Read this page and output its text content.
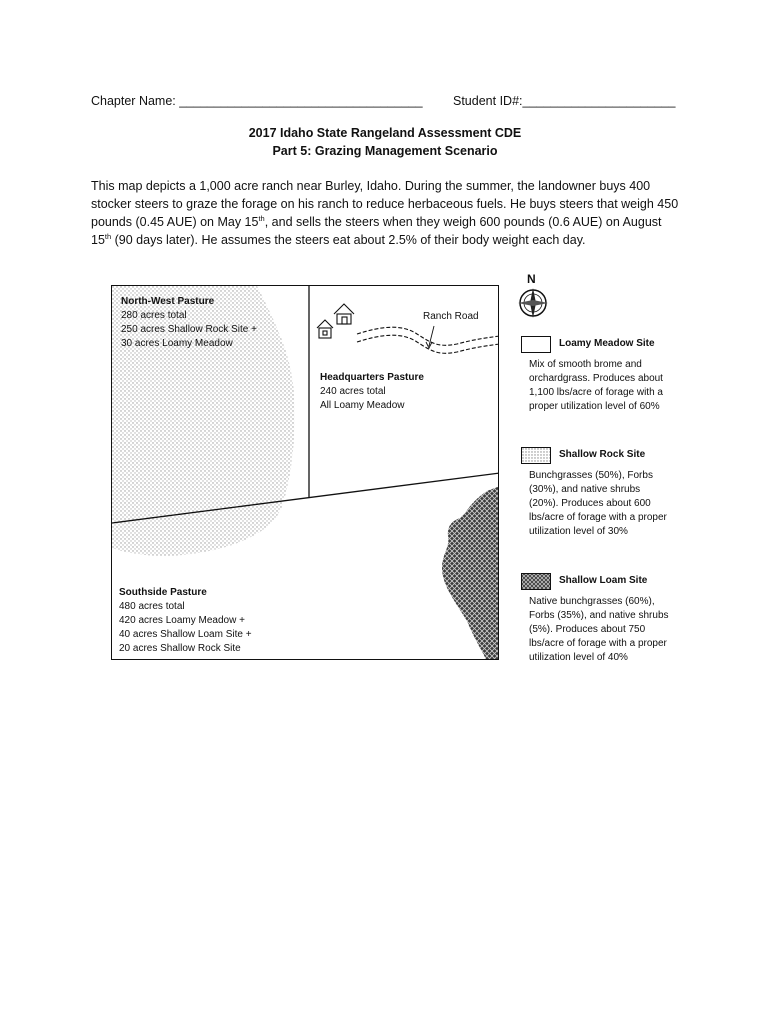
Chapter Name: ___________________________________ Student ID#:______________________
2017 Idaho State Rangeland Assessment CDE
Part 5: Grazing Management Scenario
This map depicts a 1,000 acre ranch near Burley, Idaho. During the summer, the landowner buys 400 stocker steers to graze the forage on his ranch to reduce herbaceous fuels. He buys steers that weigh 450 pounds (0.45 AUE) on May 15th, and sells the steers when they weigh 600 pounds (0.6 AUE) on August 15th (90 days later). He assumes the steers eat about 2.5% of their body weight each day.
North-West Pasture
280 acres total
250 acres Shallow Rock Site +
30 acres Loamy Meadow
Headquarters Pasture
240 acres total
All Loamy Meadow
Ranch Road
Southside Pasture
480 acres total
420 acres Loamy Meadow +
40 acres Shallow Loam Site +
20 acres Shallow Rock Site
N
Loamy Meadow Site
Mix of smooth brome and orchardgrass. Produces about 1,100 lbs/acre of forage with a proper utilization level of 60%
Shallow Rock Site
Bunchgrasses (50%), Forbs (30%), and native shrubs (20%). Produces about 600 lbs/acre of forage with a proper utilization level of 30%
Shallow Loam Site
Native bunchgrasses (60%), Forbs (35%), and native shrubs (5%). Produces about 750 lbs/acre of forage with a proper utilization level of 40%
